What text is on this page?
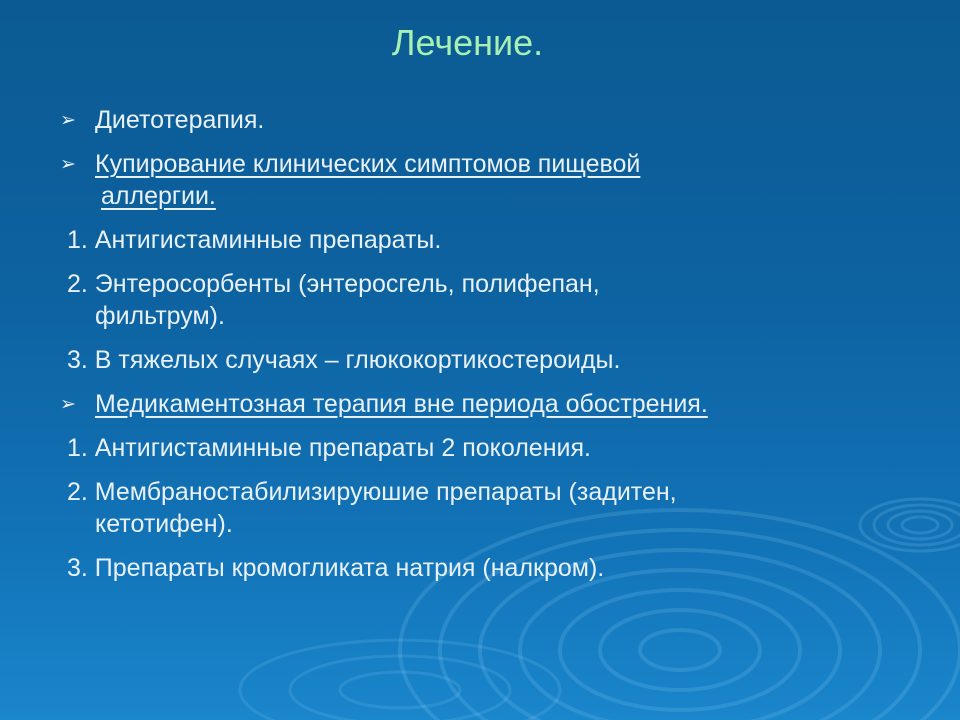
Лечение.
➢ Диетотерапия.
➢ Купирование клинических симптомов пищевой
аллергии.
1. Антигистаминные препараты.
2. Энтеросорбенты (энтеросгель, полифепан,
фильтрум).
3. В тяжелых случаях – глюкокортикостероиды.
➢ Медикаментозная терапия вне периода обострения.
1. Антигистаминные препараты 2 поколения.
2. Мембраностабилизируюшие препараты (задитен,
кетотифен).
3. Препараты кромогликата натрия (налкром).
